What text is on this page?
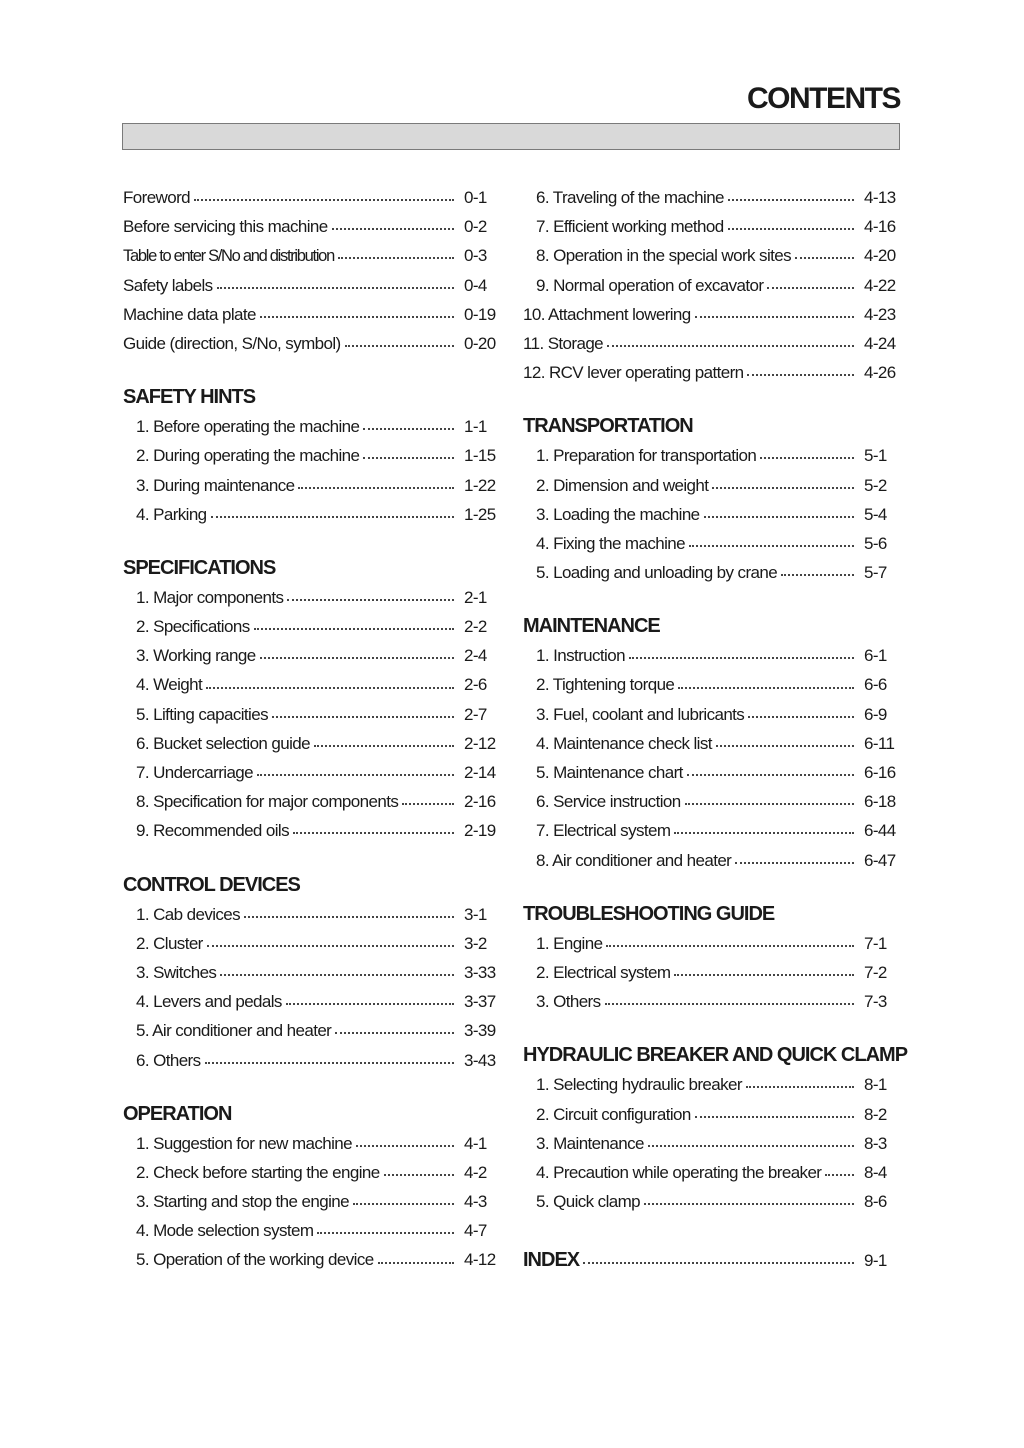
CONTENTS
Foreword	0-1
Before servicing this machine	0-2
Table to enter S/No and distribution	0-3
Safety labels	0-4
Machine data plate	0-19
Guide (direction, S/No, symbol)	0-20
SAFETY HINTS
1. Before operating the machine	1-1
2. During operating the machine	1-15
3. During maintenance	1-22
4. Parking	1-25
SPECIFICATIONS
1. Major components	2-1
2. Specifications	2-2
3. Working range	2-4
4. Weight	2-6
5. Lifting capacities	2-7
6. Bucket selection guide	2-12
7. Undercarriage	2-14
8. Specification for major components	2-16
9. Recommended oils	2-19
CONTROL DEVICES
1. Cab devices	3-1
2. Cluster	3-2
3. Switches	3-33
4. Levers and pedals	3-37
5. Air conditioner and heater	3-39
6. Others	3-43
OPERATION
1. Suggestion for new machine	4-1
2. Check before starting the engine	4-2
3. Starting and stop the engine	4-3
4. Mode selection system	4-7
5. Operation of the working device	4-12
6. Traveling of the machine	4-13
7. Efficient working method	4-16
8. Operation in the special work sites	4-20
9. Normal operation of excavator	4-22
10. Attachment lowering	4-23
11. Storage	4-24
12. RCV lever operating pattern	4-26
TRANSPORTATION
1. Preparation for transportation	5-1
2. Dimension and weight	5-2
3. Loading the machine	5-4
4. Fixing the machine	5-6
5. Loading and unloading by crane	5-7
MAINTENANCE
1. Instruction	6-1
2. Tightening torque	6-6
3. Fuel, coolant and lubricants	6-9
4. Maintenance check list	6-11
5. Maintenance chart	6-16
6. Service instruction	6-18
7. Electrical system	6-44
8. Air conditioner and heater	6-47
TROUBLESHOOTING GUIDE
1. Engine	7-1
2. Electrical system	7-2
3. Others	7-3
HYDRAULIC BREAKER AND QUICK CLAMP
1. Selecting hydraulic breaker	8-1
2. Circuit configuration	8-2
3. Maintenance	8-3
4. Precaution while operating the breaker	8-4
5. Quick clamp	8-6
INDEX	9-1
